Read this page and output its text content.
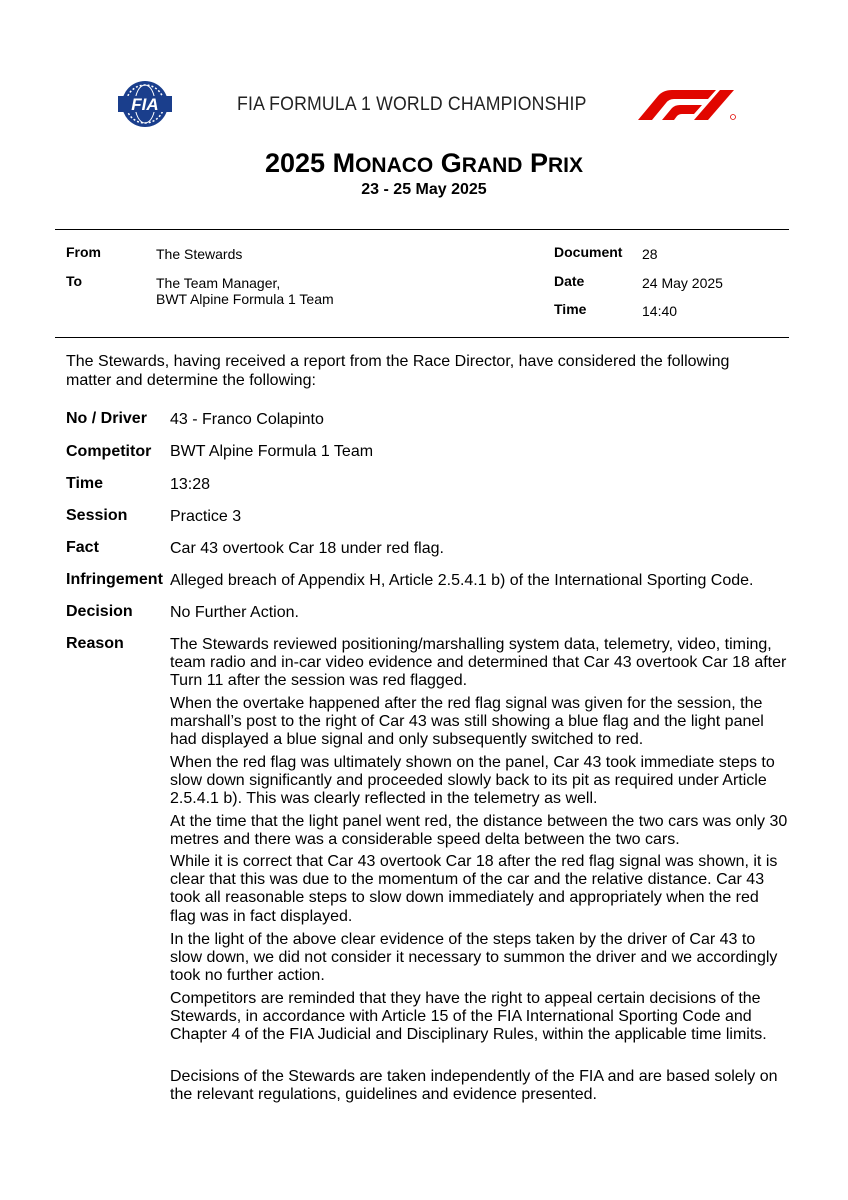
FIA	FIA FORMULA 1 WORLD CHAMPIONSHIP
2025 MONACO GRAND PRIX
23 - 25 May 2025
From	The Stewards
To	The Team Manager,
BWT Alpine Formula 1 Team
Document 28
Date	24 May 2025
Time	14:40
The Stewards, having received a report from the Race Director, have considered the following matter and determine the following:
No / Driver 43 - Franco Colapinto
Competitor BWT Alpine Formula 1 Team
Time	13:28
Session	Practice 3
Fact	Car 43 overtook Car 18 under red flag.
Infringement Alleged breach of Appendix H, Article 2.5.4.1 b) of the International Sporting Code.
Decision No Further Action.
Reason	The Stewards reviewed positioning/marshalling system data, telemetry, video, timing, team radio and in-car video evidence and determined that Car 43 overtook Car 18 after Turn 11 after the session was red flagged.
When the overtake happened after the red flag signal was given for the session, the marshall’s post to the right of Car 43 was still showing a blue flag and the light panel had displayed a blue signal and only subsequently switched to red.
When the red flag was ultimately shown on the panel, Car 43 took immediate steps to slow down significantly and proceeded slowly back to its pit as required under Article 2.5.4.1 b). This was clearly reflected in the telemetry as well.
At the time that the light panel went red, the distance between the two cars was only 30 metres and there was a considerable speed delta between the two cars.
While it is correct that Car 43 overtook Car 18 after the red flag signal was shown, it is clear that this was due to the momentum of the car and the relative distance. Car 43 took all reasonable steps to slow down immediately and appropriately when the red flag was in fact displayed.
In the light of the above clear evidence of the steps taken by the driver of Car 43 to slow down, we did not consider it necessary to summon the driver and we accordingly took no further action.
Competitors are reminded that they have the right to appeal certain decisions of the Stewards, in accordance with Article 15 of the FIA International Sporting Code and Chapter 4 of the FIA Judicial and Disciplinary Rules, within the applicable time limits.
Decisions of the Stewards are taken independently of the FIA and are based solely on the relevant regulations, guidelines and evidence presented.
